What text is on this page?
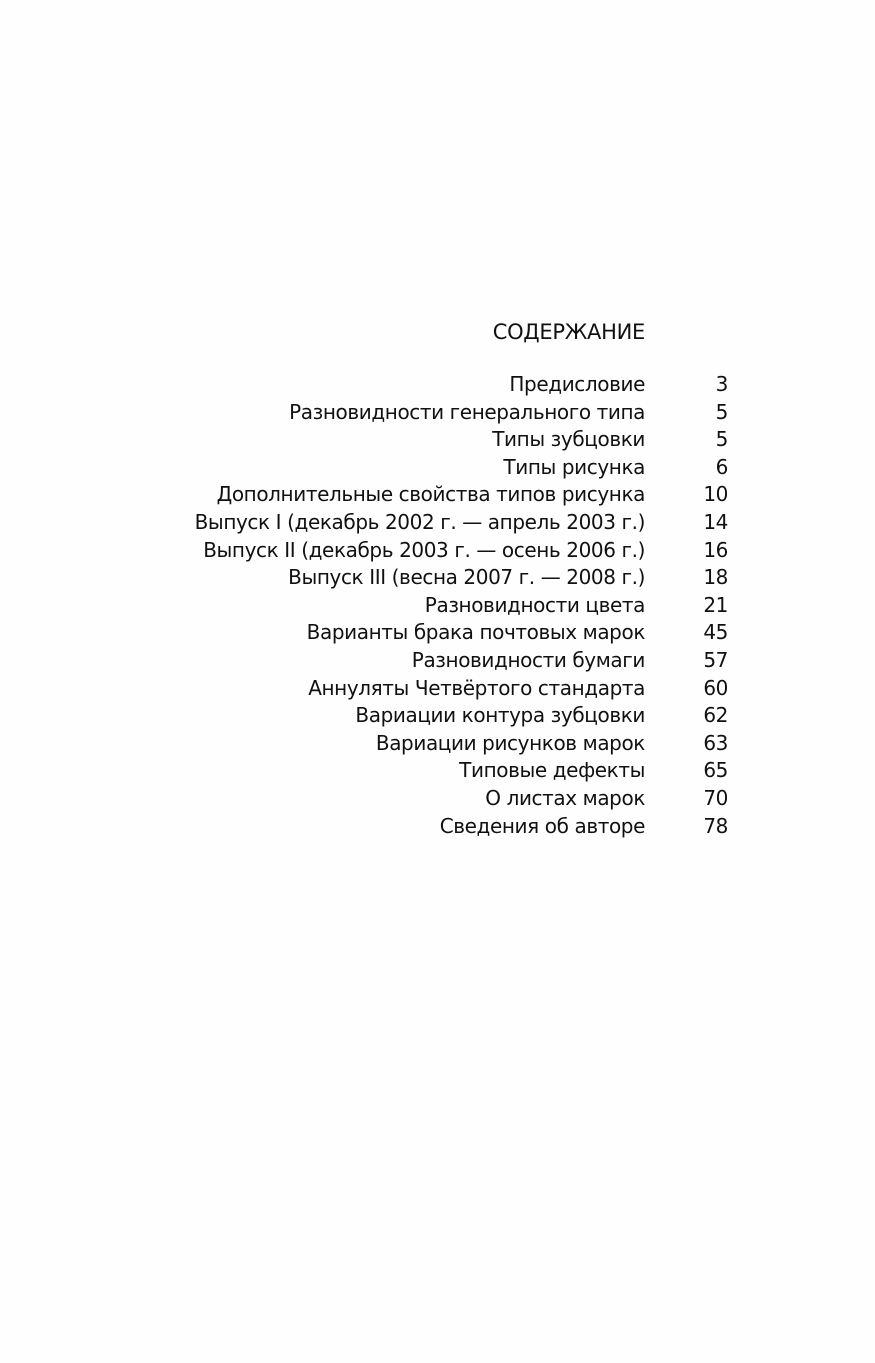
СОДЕРЖАНИЕ
Предисловие	3
Разновидности генерального типа	5
Типы зубцовки	5
Типы рисунка	6
Дополнительные свойства типов рисунка	10
Выпуск I (декабрь 2002 г. — апрель 2003 г.)	14
Выпуск II (декабрь 2003 г. — осень 2006 г.)	16
Выпуск III (весна 2007 г. — 2008 г.)	18
Разновидности цвета	21
Варианты брака почтовых марок	45
Разновидности бумаги	57
Аннуляты Четвёртого стандарта	60
Вариации контура зубцовки	62
Вариации рисунков марок	63
Типовые дефекты	65
О листах марок	70
Сведения об авторе	78
